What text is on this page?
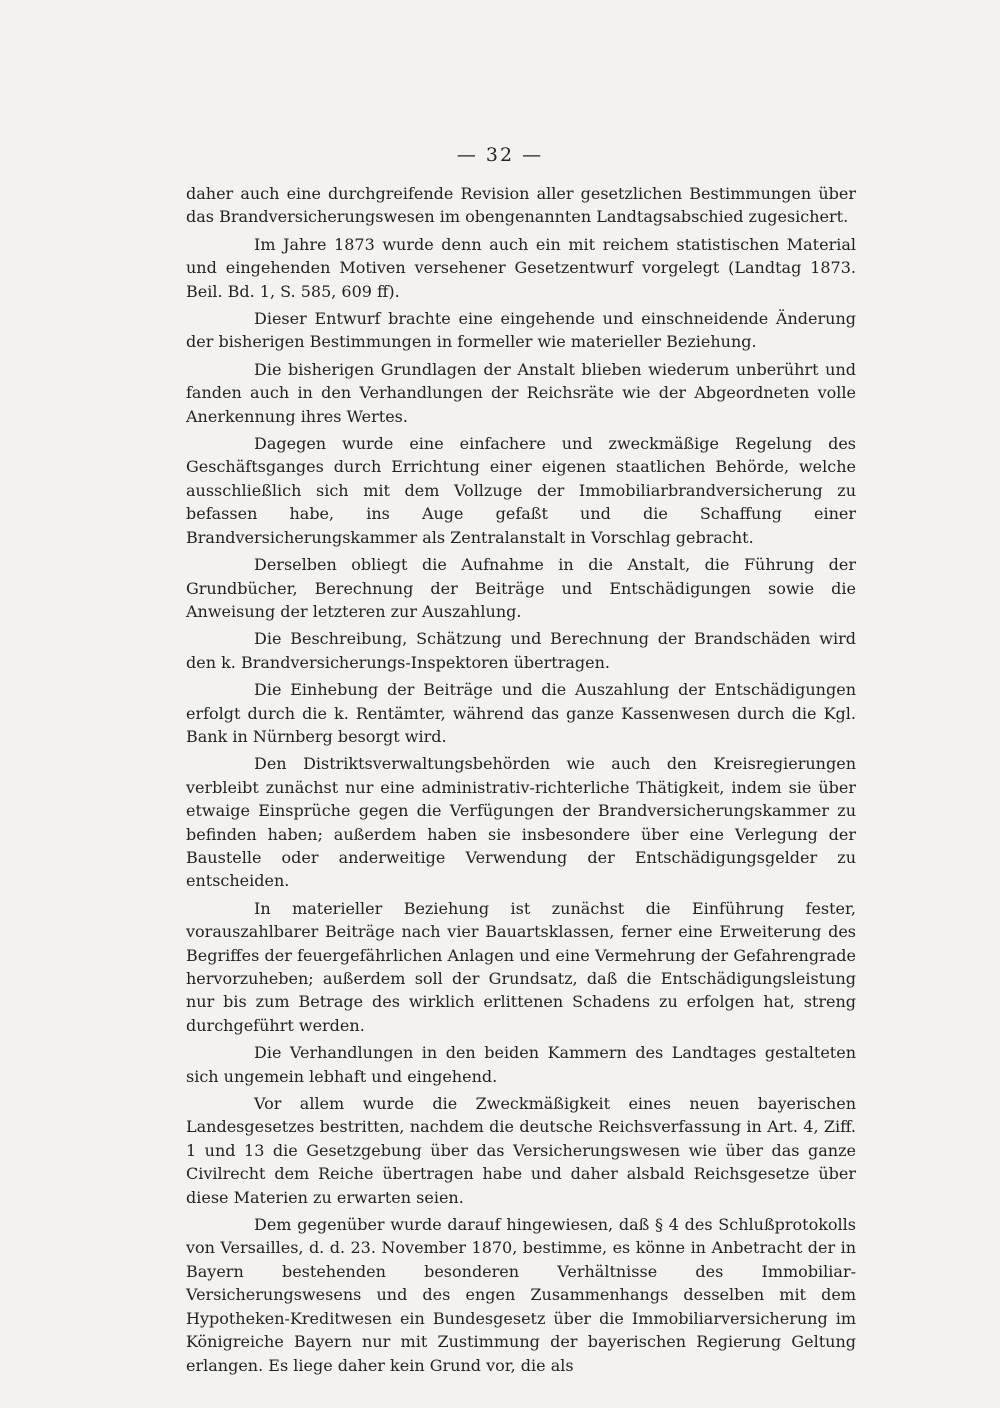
— 32 —

daher auch eine durchgreifende Revision aller gesetzlichen Bestimmungen über das Brandversicherungswesen im obengenannten Landtagsabschied zugesichert.

Im Jahre 1873 wurde denn auch ein mit reichem statistischen Material und eingehenden Motiven versehener Gesetzentwurf vorgelegt (Landtag 1873. Beil. Bd. 1, S. 585, 609 ff).

Dieser Entwurf brachte eine eingehende und einschneidende Änderung der bisherigen Bestimmungen in formeller wie materieller Beziehung.

Die bisherigen Grundlagen der Anstalt blieben wiederum unberührt und fanden auch in den Verhandlungen der Reichsräte wie der Abgeordneten volle Anerkennung ihres Wertes.

Dagegen wurde eine einfachere und zweckmäßige Regelung des Geschäftsganges durch Errichtung einer eigenen staatlichen Behörde, welche ausschließlich sich mit dem Vollzuge der Immobiliarbrandversicherung zu befassen habe, ins Auge gefaßt und die Schaffung einer Brandversicherungskammer als Zentralanstalt in Vorschlag gebracht.

Derselben obliegt die Aufnahme in die Anstalt, die Führung der Grundbücher, Berechnung der Beiträge und Entschädigungen sowie die Anweisung der letzteren zur Auszahlung.

Die Beschreibung, Schätzung und Berechnung der Brandschäden wird den k. Brandversicherungs-Inspektoren übertragen.

Die Einhebung der Beiträge und die Auszahlung der Entschädigungen erfolgt durch die k. Rentämter, während das ganze Kassenwesen durch die Kgl. Bank in Nürnberg besorgt wird.

Den Distriktsverwaltungsbehörden wie auch den Kreisregierungen verbleibt zunächst nur eine administrativ-richterliche Thätigkeit, indem sie über etwaige Einsprüche gegen die Verfügungen der Brandversicherungskammer zu befinden haben; außerdem haben sie insbesondere über eine Verlegung der Baustelle oder anderweitige Verwendung der Entschädigungsgelder zu entscheiden.

In materieller Beziehung ist zunächst die Einführung fester, vorauszahlbarer Beiträge nach vier Bauartsklassen, ferner eine Erweiterung des Begriffes der feuergefährlichen Anlagen und eine Vermehrung der Gefahrengrade hervorzuheben; außerdem soll der Grundsatz, daß die Entschädigungsleistung nur bis zum Betrage des wirklich erlittenen Schadens zu erfolgen hat, streng durchgeführt werden.

Die Verhandlungen in den beiden Kammern des Landtages gestalteten sich ungemein lebhaft und eingehend.

Vor allem wurde die Zweckmäßigkeit eines neuen bayerischen Landesgesetzes bestritten, nachdem die deutsche Reichsverfassung in Art. 4, Ziff. 1 und 13 die Gesetzgebung über das Versicherungswesen wie über das ganze Civilrecht dem Reiche übertragen habe und daher alsbald Reichsgesetze über diese Materien zu erwarten seien.

Dem gegenüber wurde darauf hingewiesen, daß § 4 des Schlußprotokolls von Versailles, d. d. 23. November 1870, bestimme, es könne in Anbetracht der in Bayern bestehenden besonderen Verhältnisse des Immobiliar-Versicherungswesens und des engen Zusammenhangs desselben mit dem Hypotheken-Kreditwesen ein Bundesgesetz über die Immobiliarversicherung im Königreiche Bayern nur mit Zustimmung der bayerischen Regierung Geltung erlangen. Es liege daher kein Grund vor, die als
